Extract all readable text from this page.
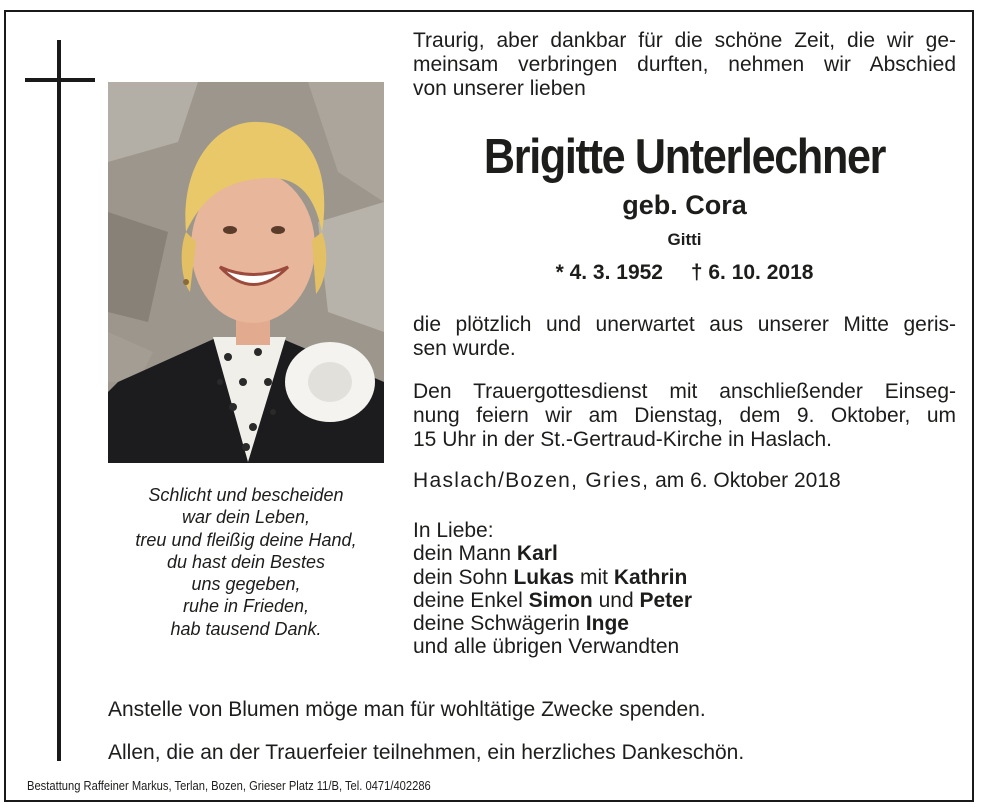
Schlicht und bescheiden
war dein Leben,
treu und fleißig deine Hand,
du hast dein Bestes
uns gegeben,
ruhe in Frieden,
hab tausend Dank.
Traurig, aber dankbar für die schöne Zeit, die wir ge-
meinsam verbringen durften, nehmen wir Abschied
von unserer lieben
Brigitte Unterlechner
geb. Cora
Gitti
* 4. 3. 1952 † 6. 10. 2018
die plötzlich und unerwartet aus unserer Mitte geris-
sen wurde.
Den Trauergottesdienst mit anschließender Einseg-
nung feiern wir am Dienstag, dem 9. Oktober, um
15 Uhr in der St.-Gertraud-Kirche in Haslach.
Haslach/Bozen, Gries, am 6. Oktober 2018
In Liebe:
dein Mann Karl
dein Sohn Lukas mit Kathrin
deine Enkel Simon und Peter
deine Schwägerin Inge
und alle übrigen Verwandten
Anstelle von Blumen möge man für wohltätige Zwecke spenden.
Allen, die an der Trauerfeier teilnehmen, ein herzliches Dankeschön.
Bestattung Raffeiner Markus, Terlan, Bozen, Grieser Platz 11/B, Tel. 0471/402286
